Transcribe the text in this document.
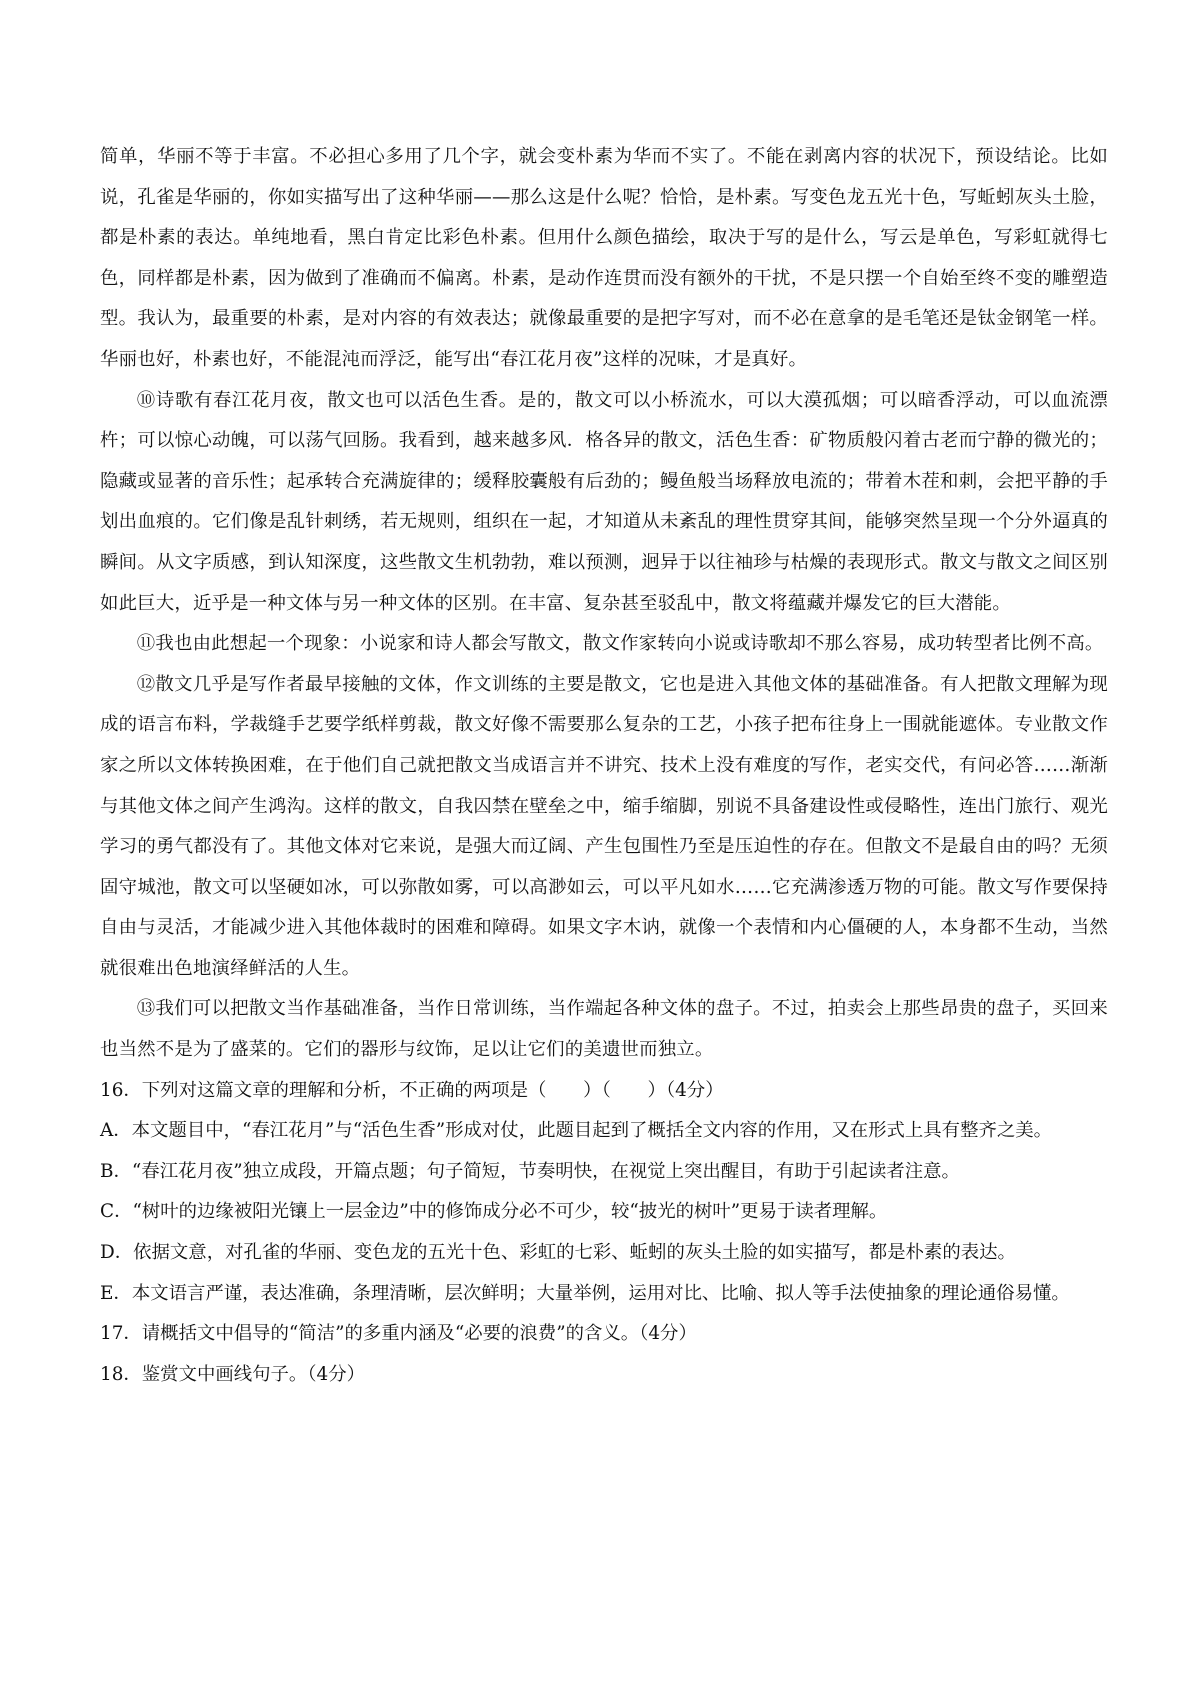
简单，华丽不等于丰富。不必担心多用了几个字，就会变朴素为华而不实了。不能在剥离内容的状况下，预设结论。比如说，孔雀是华丽的，你如实描写出了这种华丽——那么这是什么呢？恰恰，是朴素。写变色龙五光十色，写蚯蚓灰头土脸，都是朴素的表达。单纯地看，黑白肯定比彩色朴素。但用什么颜色描绘，取决于写的是什么，写云是单色，写彩虹就得七色，同样都是朴素，因为做到了准确而不偏离。朴素，是动作连贯而没有额外的干扰，不是只摆一个自始至终不变的雕塑造型。我认为，最重要的朴素，是对内容的有效表达；就像最重要的是把字写对，而不必在意拿的是毛笔还是钛金钢笔一样。华丽也好，朴素也好，不能混沌而浮泛，能写出“春江花月夜”这样的况味，才是真好。

⑩诗歌有春江花月夜，散文也可以活色生香。是的，散文可以小桥流水，可以大漠孤烟；可以暗香浮动，可以血流漂杵；可以惊心动魄，可以荡气回肠。我看到，越来越多风．格各异的散文，活色生香：矿物质般闪着古老而宁静的微光的；隐藏或显著的音乐性；起承转合充满旋律的；缓释胶囊般有后劲的；鳗鱼般当场释放电流的；带着木茬和刺，会把平静的手划出血痕的。它们像是乱针刺绣，若无规则，组织在一起，才知道从未紊乱的理性贯穿其间，能够突然呈现一个分外逼真的瞬间。从文字质感，到认知深度，这些散文生机勃勃，难以预测，迥异于以往袖珍与枯燥的表现形式。散文与散文之间区别如此巨大，近乎是一种文体与另一种文体的区别。在丰富、复杂甚至驳乱中，散文将蕴藏并爆发它的巨大潜能。

⑪我也由此想起一个现象：小说家和诗人都会写散文，散文作家转向小说或诗歌却不那么容易，成功转型者比例不高。

⑫散文几乎是写作者最早接触的文体，作文训练的主要是散文，它也是进入其他文体的基础准备。有人把散文理解为现成的语言布料，学裁缝手艺要学纸样剪裁，散文好像不需要那么复杂的工艺，小孩子把布往身上一围就能遮体。专业散文作家之所以文体转换困难，在于他们自己就把散文当成语言并不讲究、技术上没有难度的写作，老实交代，有问必答……渐渐与其他文体之间产生鸿沟。这样的散文，自我囚禁在壁垒之中，缩手缩脚，别说不具备建设性或侵略性，连出门旅行、观光学习的勇气都没有了。其他文体对它来说，是强大而辽阔、产生包围性乃至是压迫性的存在。但散文不是最自由的吗？无须固守城池，散文可以坚硬如冰，可以弥散如雾，可以高渺如云，可以平凡如水……它充满渗透万物的可能。散文写作要保持自由与灵活，才能减少进入其他体裁时的困难和障碍。如果文字木讷，就像一个表情和内心僵硬的人，本身都不生动，当然就很难出色地演绎鲜活的人生。

⑬我们可以把散文当作基础准备，当作日常训练，当作端起各种文体的盘子。不过，拍卖会上那些昂贵的盘子，买回来也当然不是为了盛菜的。它们的器形与纹饰，足以让它们的美遗世而独立。

16．下列对这篇文章的理解和分析，不正确的两项是（　　）（　　）（4分）

A．本文题目中，“春江花月”与“活色生香”形成对仗，此题目起到了概括全文内容的作用，又在形式上具有整齐之美。

B．“春江花月夜”独立成段，开篇点题；句子简短，节奏明快，在视觉上突出醒目，有助于引起读者注意。

C．“树叶的边缘被阳光镶上一层金边”中的修饰成分必不可少，较“披光的树叶”更易于读者理解。

D．依据文意，对孔雀的华丽、变色龙的五光十色、彩虹的七彩、蚯蚓的灰头土脸的如实描写，都是朴素的表达。

E．本文语言严谨，表达准确，条理清晰，层次鲜明；大量举例，运用对比、比喻、拟人等手法使抽象的理论通俗易懂。

17．请概括文中倡导的“简洁”的多重内涵及“必要的浪费”的含义。（4分）

18．鉴赏文中画线句子。（4分）
